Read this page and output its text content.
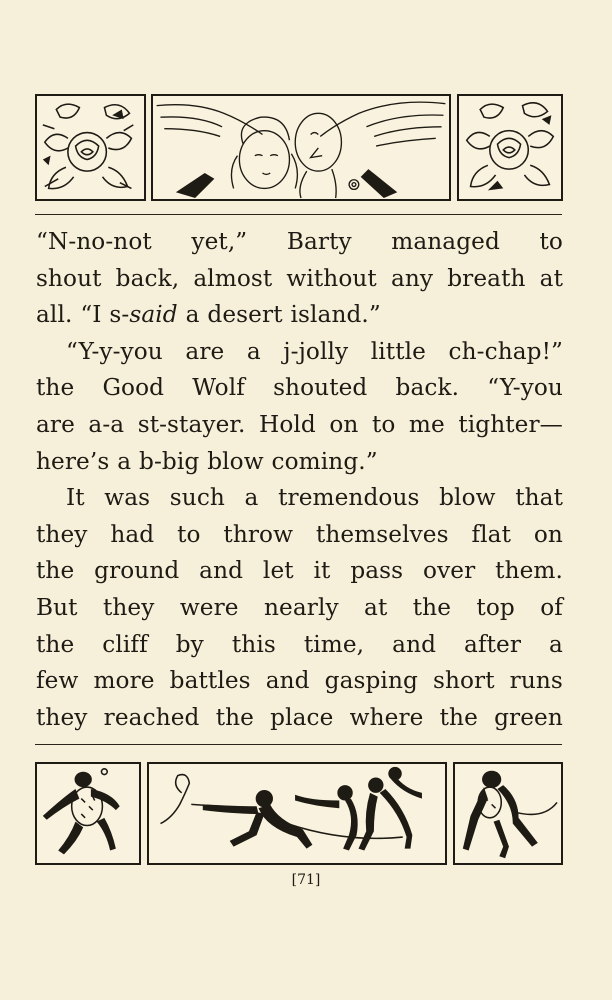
“N-no-not yet,” Barty managed to
shout back, almost without any breath at
all. “I s- said a desert island.”
“Y-y-you are a j-jolly little ch-chap!”
the Good Wolf shouted back. “Y-you
are a-a st-stayer. Hold on to me tighter—
here’s a b-big blow coming.”
It was such a tremendous blow that
they had to throw themselves flat on
the ground and let it pass over them.
But they were nearly at the top of
the cliff by this time, and after a
few more battles and gasping short runs
they reached the place where the green
[71]
